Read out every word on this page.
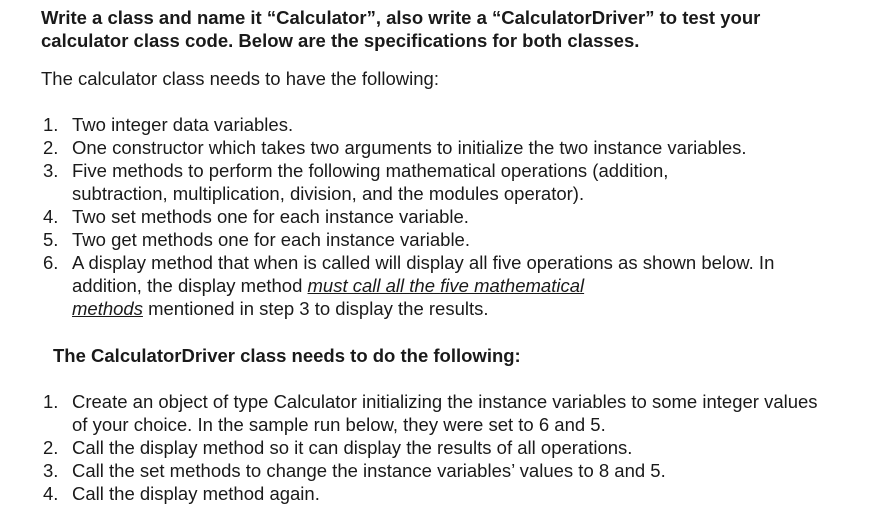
Write a class and name it “Calculator”, also write a “CalculatorDriver” to test your calculator class code. Below are the specifications for both classes.

The calculator class needs to have the following:

1. Two integer data variables.
2. One constructor which takes two arguments to initialize the two instance variables.
3. Five methods to perform the following mathematical operations (addition, subtraction, multiplication, division, and the modules operator).
4. Two set methods one for each instance variable.
5. Two get methods one for each instance variable.
6. A display method that when is called will display all five operations as shown below. In addition, the display method must call all the five mathematical
methods mentioned in step 3 to display the results.

The CalculatorDriver class needs to do the following:

1. Create an object of type Calculator initializing the instance variables to some integer values of your choice. In the sample run below, they were set to 6 and 5.
2. Call the display method so it can display the results of all operations.
3. Call the set methods to change the instance variables’ values to 8 and 5.
4. Call the display method again.
